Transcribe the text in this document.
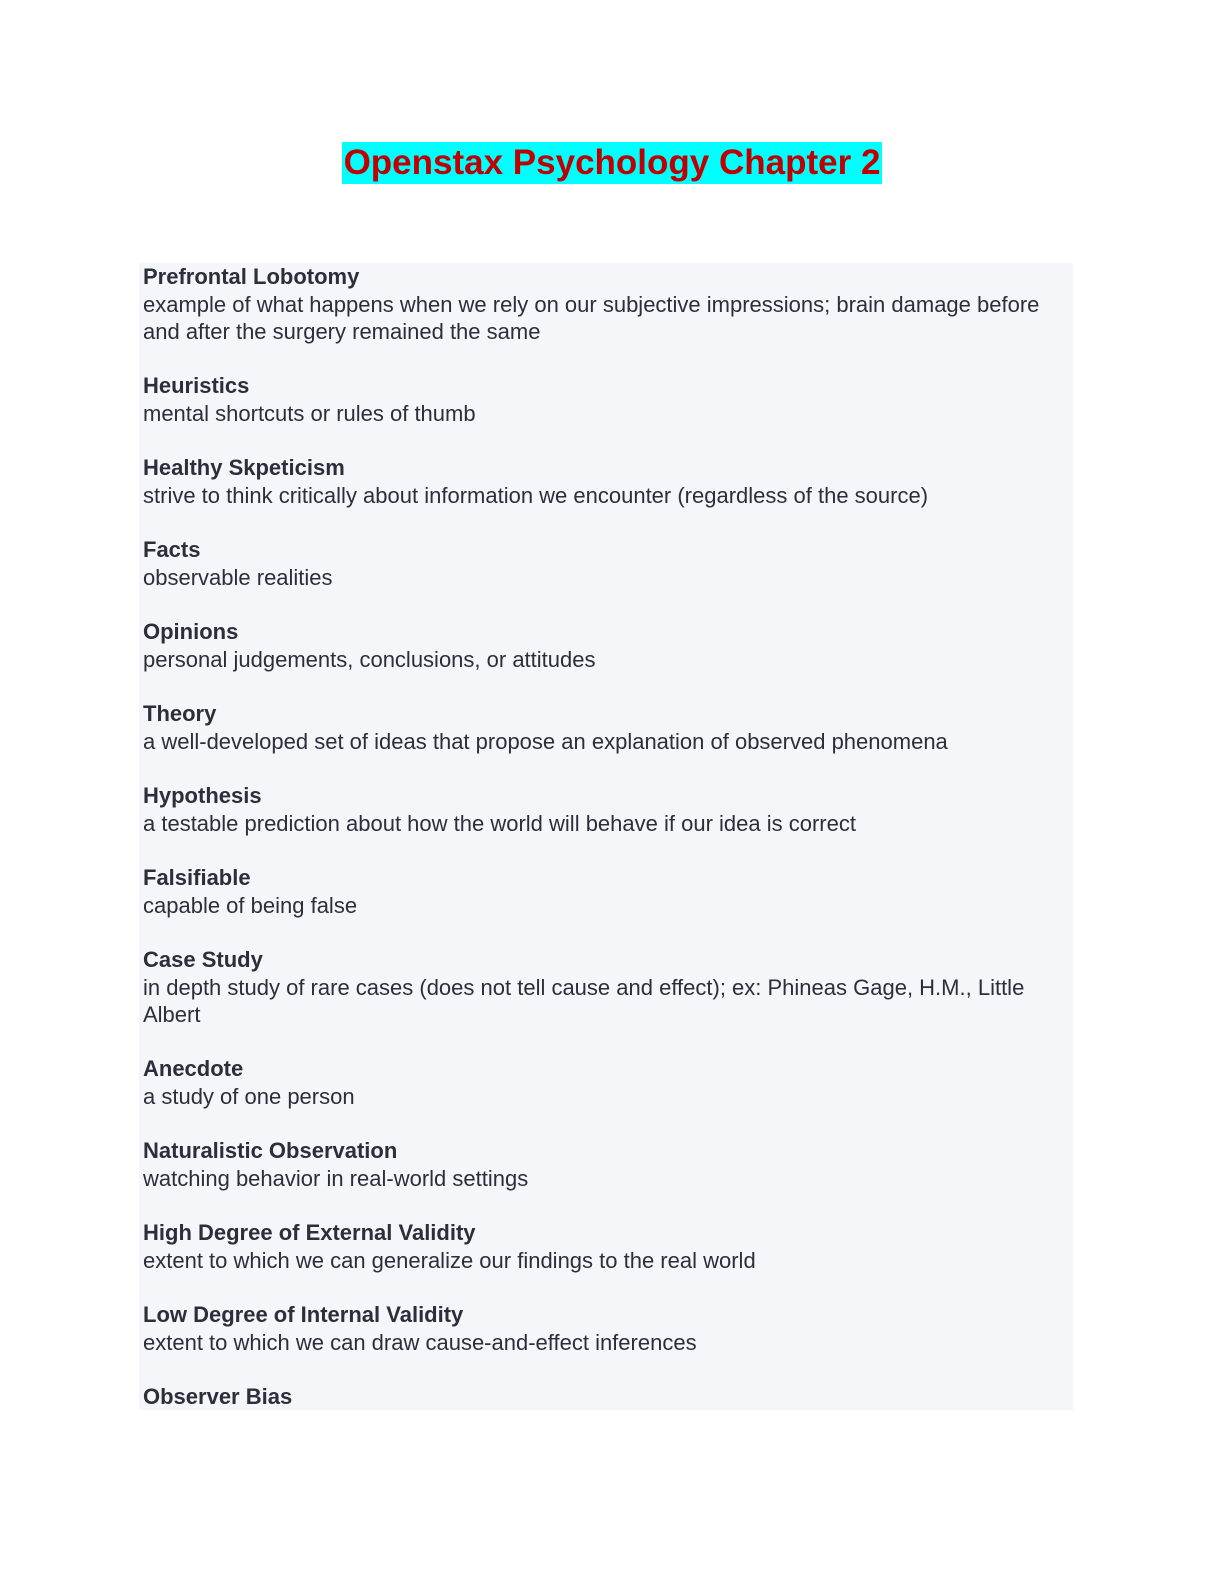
Openstax Psychology Chapter 2
Prefrontal Lobotomy
example of what happens when we rely on our subjective impressions; brain damage before and after the surgery remained the same
Heuristics
mental shortcuts or rules of thumb
Healthy Skpeticism
strive to think critically about information we encounter (regardless of the source)
Facts
observable realities
Opinions
personal judgements, conclusions, or attitudes
Theory
a well-developed set of ideas that propose an explanation of observed phenomena
Hypothesis
a testable prediction about how the world will behave if our idea is correct
Falsifiable
capable of being false
Case Study
in depth study of rare cases (does not tell cause and effect); ex: Phineas Gage, H.M., Little Albert
Anecdote
a study of one person
Naturalistic Observation
watching behavior in real-world settings
High Degree of External Validity
extent to which we can generalize our findings to the real world
Low Degree of Internal Validity
extent to which we can draw cause-and-effect inferences
Observer Bias
